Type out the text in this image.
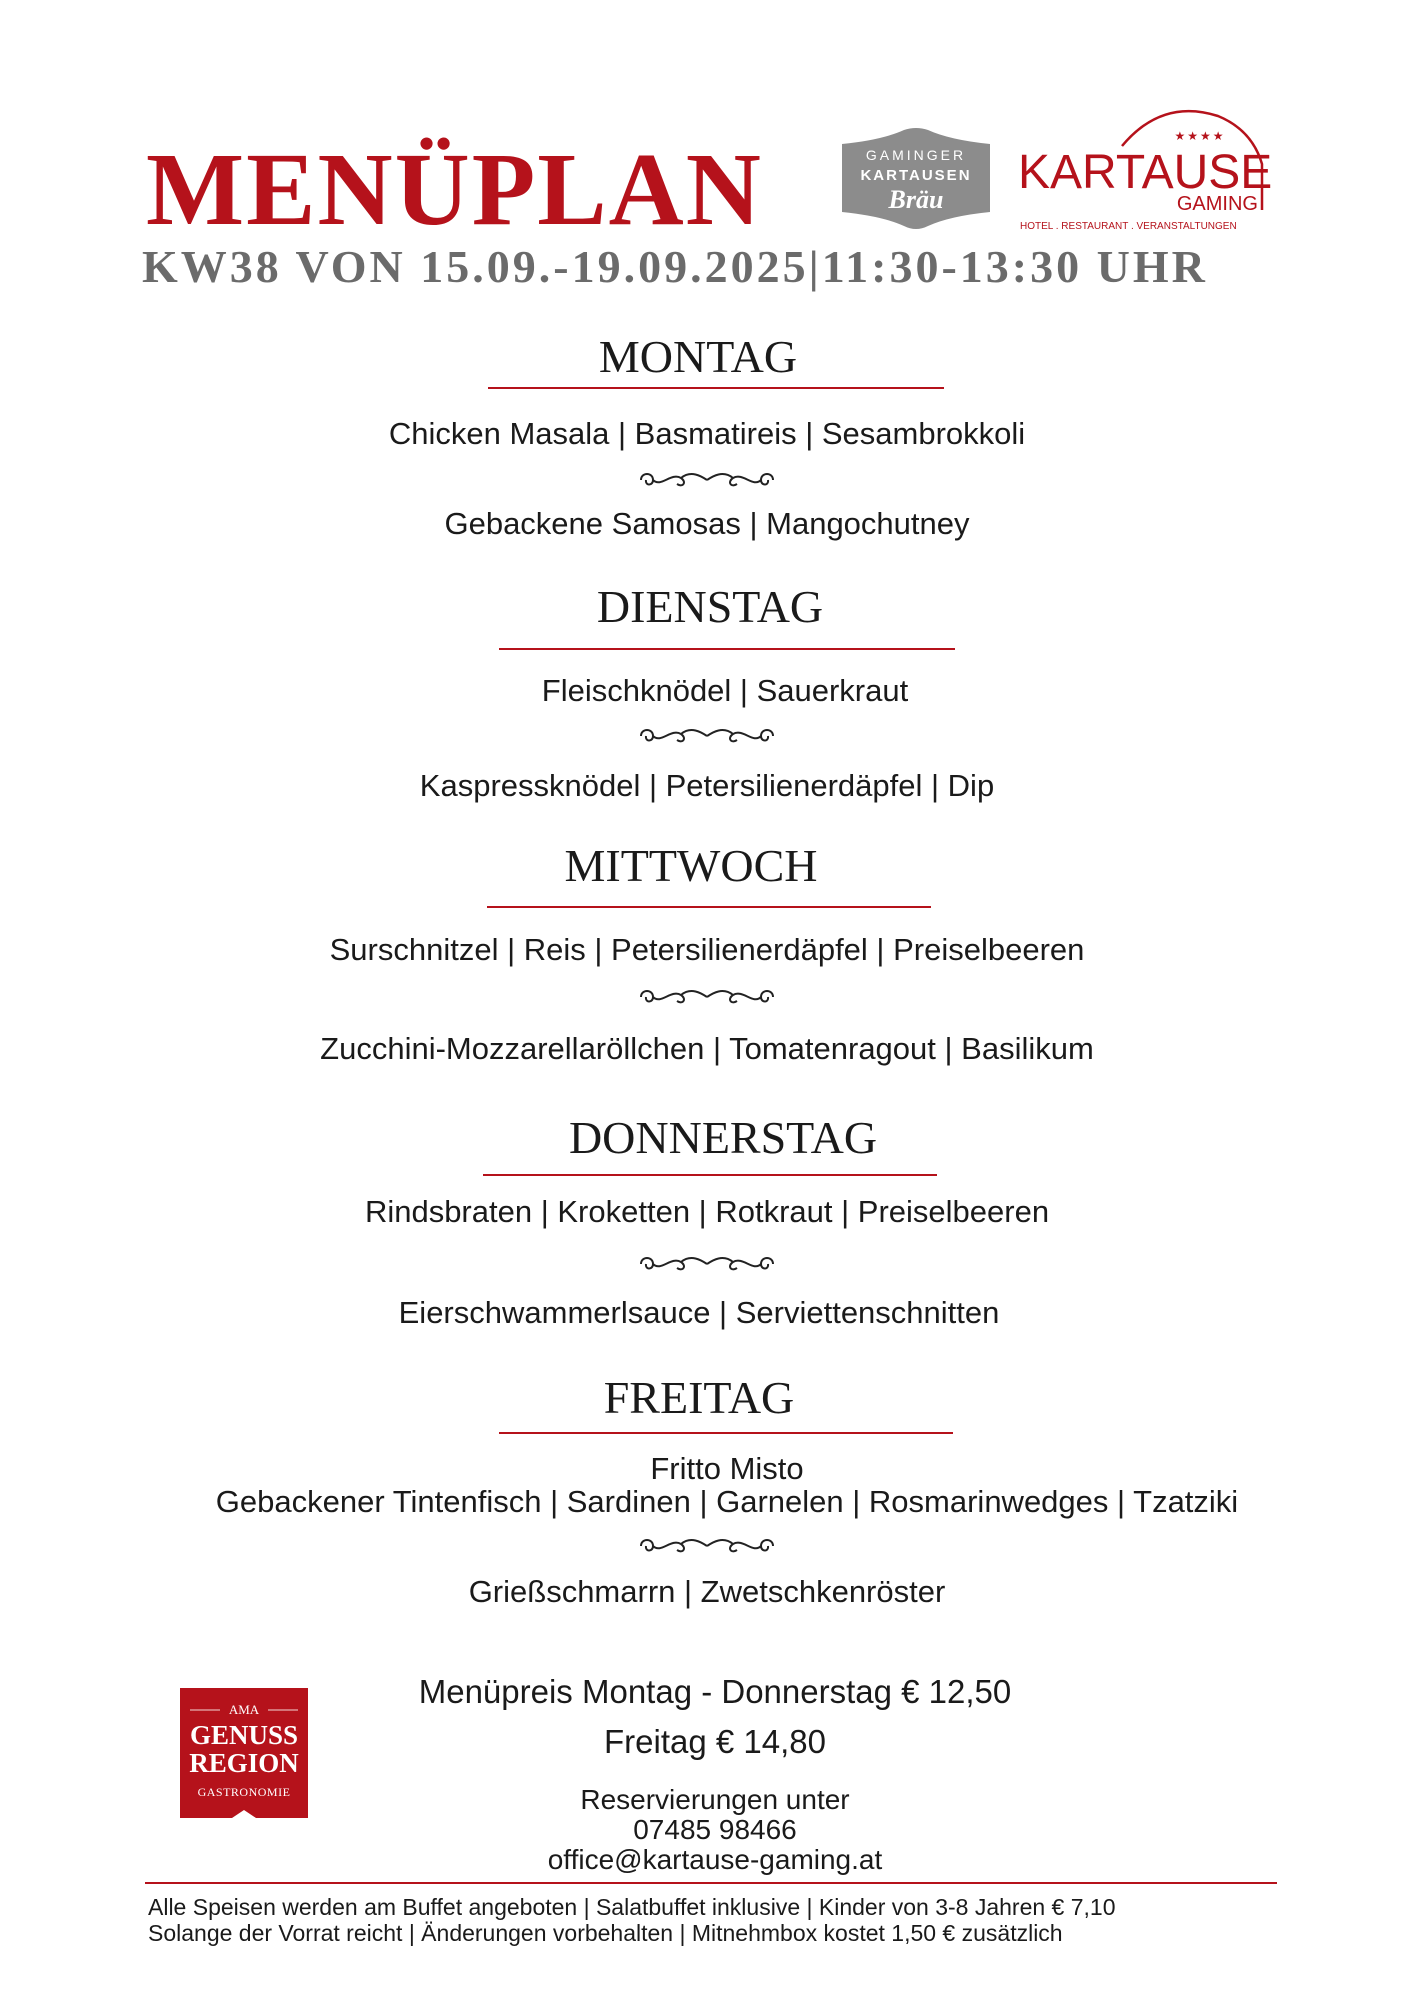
MENÜPLAN
KW38 VON 15.09.-19.09.2025|11:30-13:30 UHR
GAMINGER
KARTAUSEN
Bräu
★★★★
KARTAUSE
GAMING
HOTEL . RESTAURANT . VERANSTALTUNGEN
MONTAG
Chicken Masala | Basmatireis | Sesambrokkoli
Gebackene Samosas | Mangochutney
DIENSTAG
Fleischknödel | Sauerkraut
Kaspressknödel | Petersilienerdäpfel | Dip
MITTWOCH
Surschnitzel | Reis | Petersilienerdäpfel | Preiselbeeren
Zucchini-Mozzarellaröllchen | Tomatenragout | Basilikum
DONNERSTAG
Rindsbraten | Kroketten | Rotkraut | Preiselbeeren
Eierschwammerlsauce | Serviettenschnitten
FREITAG
Fritto Misto
Gebackener Tintenfisch | Sardinen | Garnelen | Rosmarinwedges | Tzatziki
Grießschmarrn | Zwetschkenröster
AMA
GENUSS
REGION
GASTRONOMIE
Menüpreis Montag - Donnerstag € 12,50
Freitag € 14,80
Reservierungen unter
07485 98466
office@kartause-gaming.at
Alle Speisen werden am Buffet angeboten | Salatbuffet inklusive | Kinder von 3-8 Jahren € 7,10
Solange der Vorrat reicht | Änderungen vorbehalten | Mitnehmbox kostet 1,50 € zusätzlich
